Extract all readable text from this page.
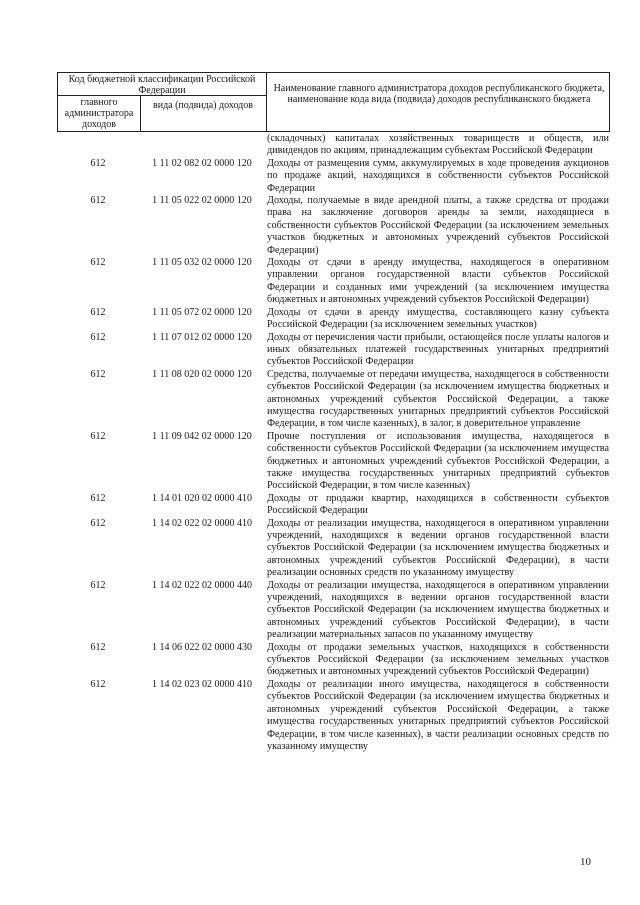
Код бюджетной классификации Российской Федерации
главного администратора доходов
вида (подвида) доходов
Наименование главного администратора доходов республиканского бюджета, наименование кода вида (подвида) доходов республиканского бюджета
(складочных) капиталах хозяйственных товариществ и обществ, или дивидендов по акциям, принадлежащим субъектам Российской Федерации
612	1 11 02 082 02 0000 120	Доходы от размещения сумм, аккумулируемых в ходе проведения аукционов по продаже акций, находящихся в собственности субъектов Российской Федерации
612	1 11 05 022 02 0000 120	Доходы, получаемые в виде арендной платы, а также средства от продажи права на заключение договоров аренды за земли, находящиеся в собственности субъектов Российской Федерации (за исключением земельных участков бюджетных и автономных учреждений субъектов Российской Федерации)
612	1 11 05 032 02 0000 120	Доходы от сдачи в аренду имущества, находящегося в оперативном управлении органов государственной власти субъектов Российской Федерации и созданных ими учреждений (за исключением имущества бюджетных и автономных учреждений субъектов Российской Федерации)
612	1 11 05 072 02 0000 120	Доходы от сдачи в аренду имущества, составляющего казну субъекта Российской Федерации (за исключением земельных участков)
612	1 11 07 012 02 0000 120	Доходы от перечисления части прибыли, остающейся после уплаты налогов и иных обязательных платежей государственных унитарных предприятий субъектов Российской Федерации
612	1 11 08 020 02 0000 120	Средства, получаемые от передачи имущества, находящегося в собственности субъектов Российской Федерации (за исключением имущества бюджетных и автономных учреждений субъектов Российской Федерации, а также имущества государственных унитарных предприятий субъектов Российской Федерации, в том числе казенных), в залог, в доверительное управление
612	1 11 09 042 02 0000 120	Прочие поступления от использования имущества, находящегося в собственности субъектов Российской Федерации (за исключением имущества бюджетных и автономных учреждений субъектов Российской Федерации, а также имущества государственных унитарных предприятий субъектов Российской Федерации, в том числе казенных)
612	1 14 01 020 02 0000 410	Доходы от продажи квартир, находящихся в собственности субъектов Российской Федерации
612	1 14 02 022 02 0000 410	Доходы от реализации имущества, находящегося в оперативном управлении учреждений, находящихся в ведении органов государственной власти субъектов Российской Федерации (за исключением имущества бюджетных и автономных учреждений субъектов Российской Федерации), в части реализации основных средств по указанному имуществу
612	1 14 02 022 02 0000 440	Доходы от реализации имущества, находящегося в оперативном управлении учреждений, находящихся в ведении органов государственной власти субъектов Российской Федерации (за исключением имущества бюджетных и автономных учреждений субъектов Российской Федерации), в части реализации материальных запасов по указанному имуществу
612	1 14 06 022 02 0000 430	Доходы от продажи земельных участков, находящихся в собственности субъектов Российской Федерации (за исключением земельных участков бюджетных и автономных учреждений субъектов Российской Федерации)
612	1 14 02 023 02 0000 410	Доходы от реализации иного имущества, находящегося в собственности субъектов Российской Федерации (за исключением имущества бюджетных и автономных учреждений субъектов Российской Федерации, а также имущества государственных унитарных предприятий субъектов Российской Федерации, в том числе казенных), в части реализации основных средств по указанному имуществу
10
